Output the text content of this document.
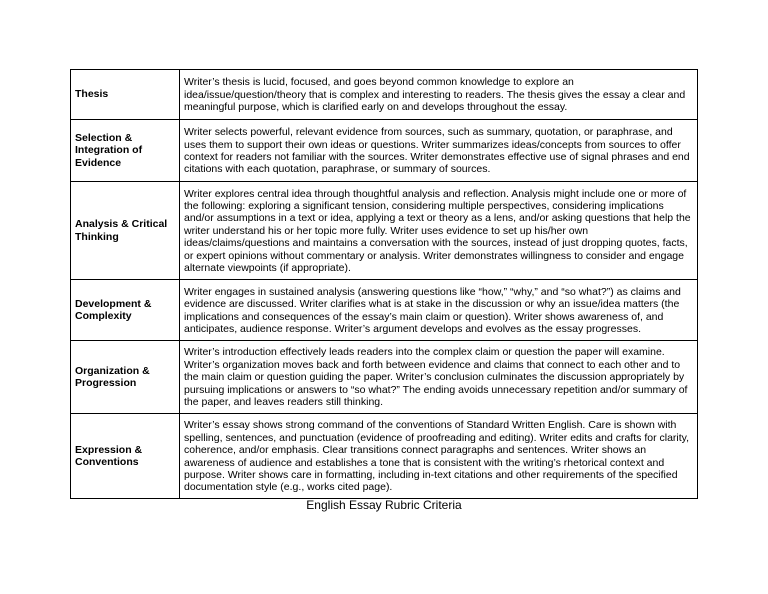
Thesis	Writer’s thesis is lucid, focused, and goes beyond common knowledge to explore an idea/issue/question/theory that is complex and interesting to readers. The thesis gives the essay a clear and meaningful purpose, which is clarified early on and develops throughout the essay.
Selection & Integration of Evidence	Writer selects powerful, relevant evidence from sources, such as summary, quotation, or paraphrase, and uses them to support their own ideas or questions. Writer summarizes ideas/concepts from sources to offer context for readers not familiar with the sources. Writer demonstrates effective use of signal phrases and end citations with each quotation, paraphrase, or summary of sources.
Analysis & Critical Thinking	Writer explores central idea through thoughtful analysis and reflection. Analysis might include one or more of the following: exploring a significant tension, considering multiple perspectives, considering implications and/or assumptions in a text or idea, applying a text or theory as a lens, and/or asking questions that help the writer understand his or her topic more fully. Writer uses evidence to set up his/her own ideas/claims/questions and maintains a conversation with the sources, instead of just dropping quotes, facts, or expert opinions without commentary or analysis. Writer demonstrates willingness to consider and engage alternate viewpoints (if appropriate).
Development & Complexity	Writer engages in sustained analysis (answering questions like “how,” “why,” and “so what?”) as claims and evidence are discussed. Writer clarifies what is at stake in the discussion or why an issue/idea matters (the implications and consequences of the essay’s main claim or question). Writer shows awareness of, and anticipates, audience response. Writer’s argument develops and evolves as the essay progresses.
Organization & Progression	Writer’s introduction effectively leads readers into the complex claim or question the paper will examine. Writer’s organization moves back and forth between evidence and claims that connect to each other and to the main claim or question guiding the paper. Writer’s conclusion culminates the discussion appropriately by pursuing implications or answers to “so what?” The ending avoids unnecessary repetition and/or summary of the paper, and leaves readers still thinking.
Expression & Conventions	Writer’s essay shows strong command of the conventions of Standard Written English. Care is shown with spelling, sentences, and punctuation (evidence of proofreading and editing). Writer edits and crafts for clarity, coherence, and/or emphasis. Clear transitions connect paragraphs and sentences. Writer shows an awareness of audience and establishes a tone that is consistent with the writing’s rhetorical context and purpose. Writer shows care in formatting, including in-text citations and other requirements of the specified documentation style (e.g., works cited page).
English Essay Rubric Criteria
